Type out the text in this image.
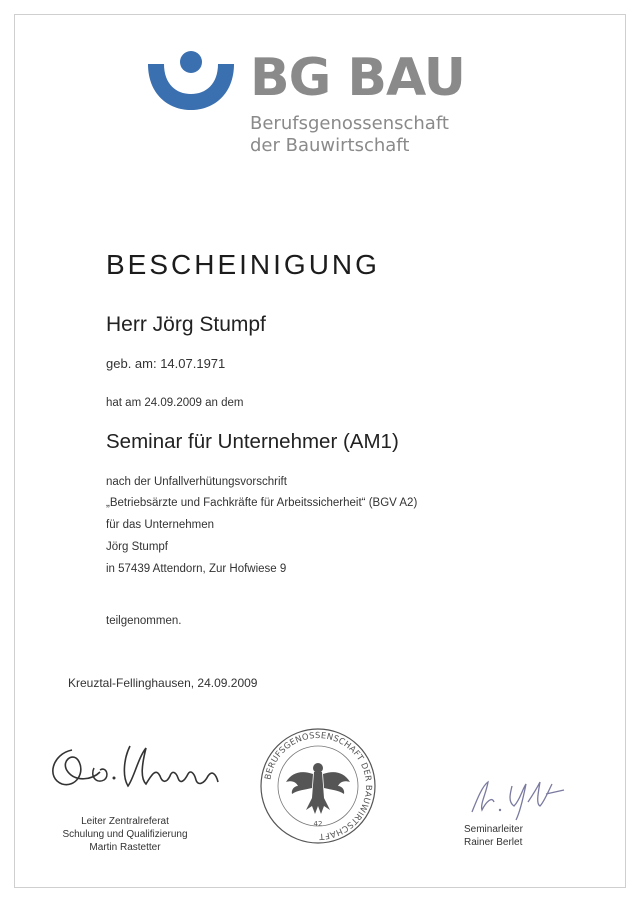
BG BAU
Berufsgenossenschaft
der Bauwirtschaft
BESCHEINIGUNG
Herr Jörg Stumpf
geb. am: 14.07.1971
hat am 24.09.2009 an dem
Seminar für Unternehmer (AM1)
nach der Unfallverhütungsvorschrift
„Betriebsärzte und Fachkräfte für Arbeitssicherheit“ (BGV A2)
für das Unternehmen
Jörg Stumpf
in 57439 Attendorn, Zur Hofwiese 9
teilgenommen.
Kreuztal-Fellinghausen, 24.09.2009
Leiter Zentralreferat
Schulung und Qualifizierung
Martin Rastetter
BERUFSGENOSSENSCHAFT DER BAUWIRTSCHAFT
42	Seminarleiter
Rainer Berlet
